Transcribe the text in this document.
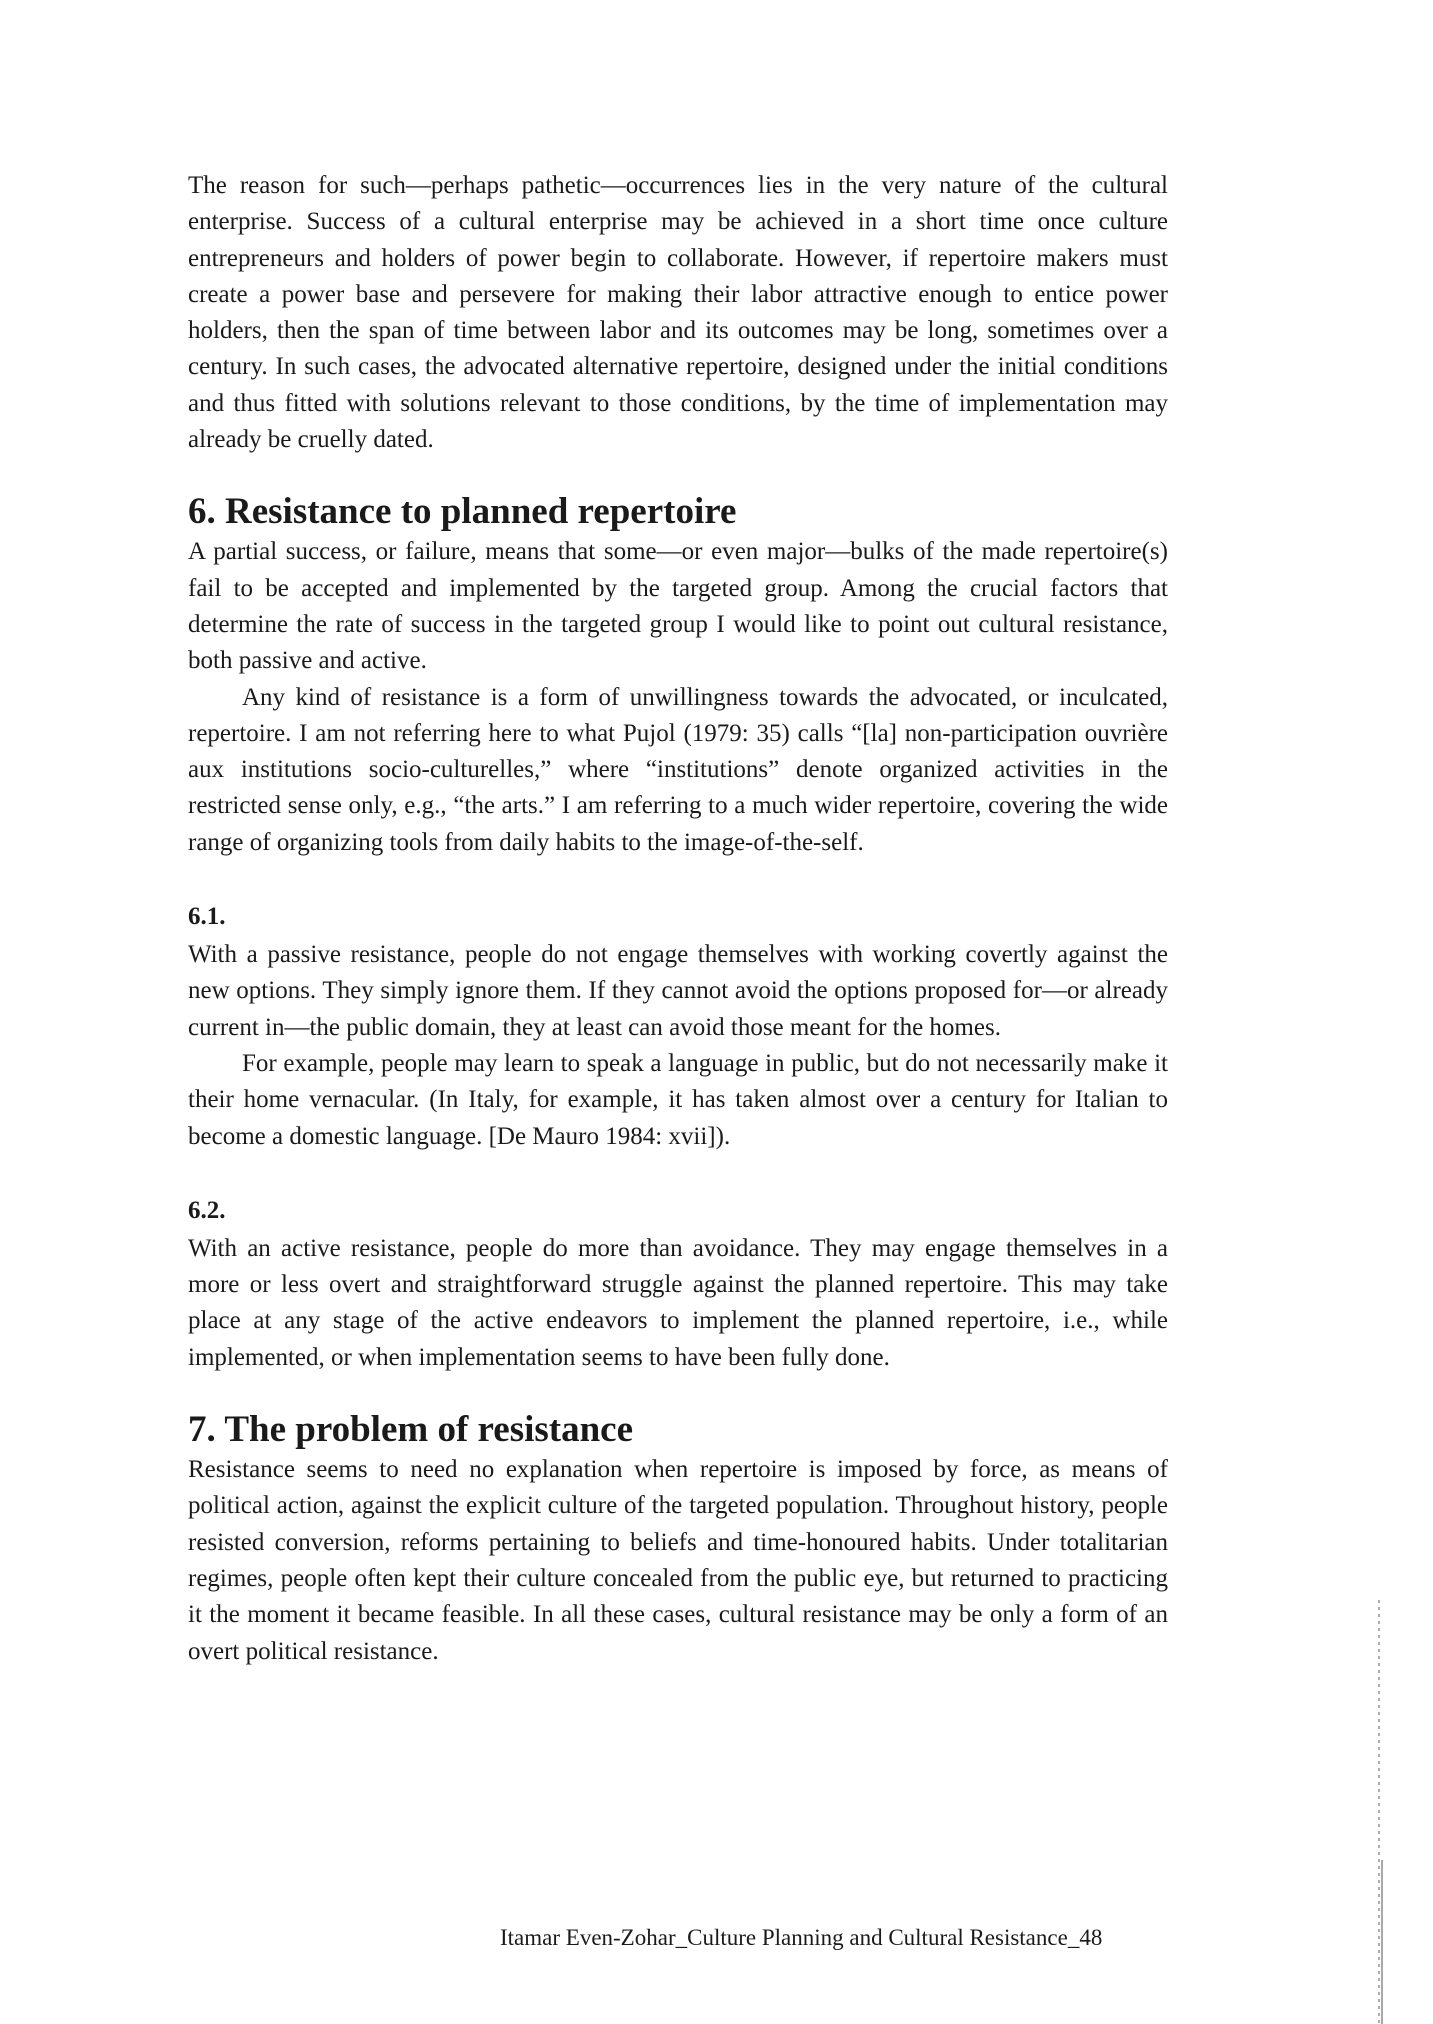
The reason for such—perhaps pathetic—occurrences lies in the very nature of the cultural enterprise. Success of a cultural enterprise may be achieved in a short time once culture entrepreneurs and holders of power begin to collaborate. However, if repertoire makers must create a power base and persevere for making their labor attractive enough to entice power holders, then the span of time between labor and its outcomes may be long, sometimes over a century. In such cases, the advocated alternative repertoire, designed under the initial conditions and thus fitted with solutions relevant to those conditions, by the time of implementation may already be cruelly dated.

6. Resistance to planned repertoire

A partial success, or failure, means that some—or even major—bulks of the made repertoire(s) fail to be accepted and implemented by the targeted group. Among the crucial factors that determine the rate of success in the targeted group I would like to point out cultural resistance, both passive and active.

Any kind of resistance is a form of unwillingness towards the advocated, or inculcated, repertoire. I am not referring here to what Pujol (1979: 35) calls “[la] non-participation ouvrière aux institutions socio-culturelles,” where “institutions” denote organized activities in the restricted sense only, e.g., “the arts.” I am referring to a much wider repertoire, covering the wide range of organizing tools from daily habits to the image-of-the-self.

6.1.

With a passive resistance, people do not engage themselves with working covertly against the new options. They simply ignore them. If they cannot avoid the options proposed for—or already current in—the public domain, they at least can avoid those meant for the homes.

For example, people may learn to speak a language in public, but do not necessarily make it their home vernacular. (In Italy, for example, it has taken almost over a century for Italian to become a domestic language. [De Mauro 1984: xvii]).

6.2.

With an active resistance, people do more than avoidance. They may engage themselves in a more or less overt and straightforward struggle against the planned repertoire. This may take place at any stage of the active endeavors to implement the planned repertoire, i.e., while implemented, or when implementation seems to have been fully done.

7. The problem of resistance

Resistance seems to need no explanation when repertoire is imposed by force, as means of political action, against the explicit culture of the targeted population. Throughout history, people resisted conversion, reforms pertaining to beliefs and time-honoured habits. Under totalitarian regimes, people often kept their culture concealed from the public eye, but returned to practicing it the moment it became feasible. In all these cases, cultural resistance may be only a form of an overt political resistance.

Itamar Even-Zohar_Culture Planning and Cultural Resistance_48
